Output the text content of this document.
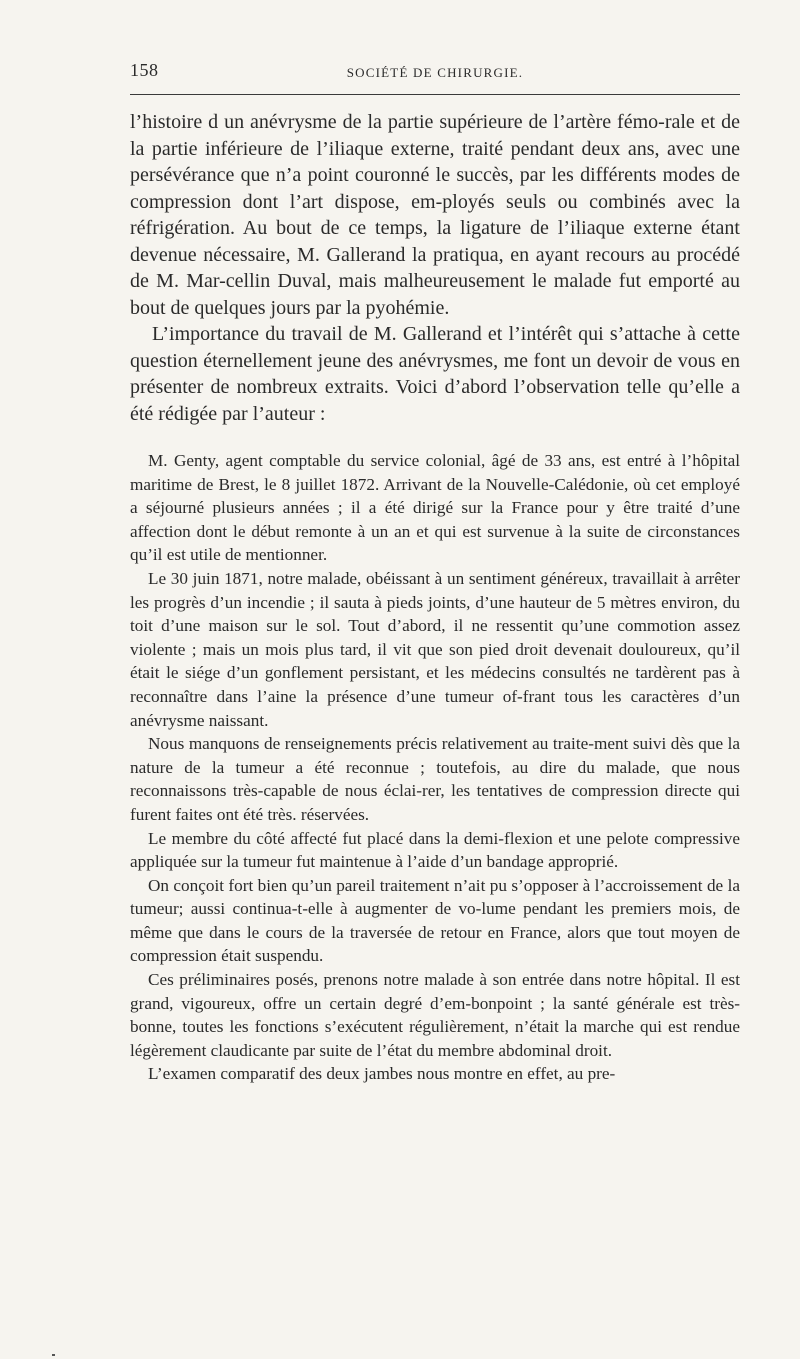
158	SOCIÉTÉ DE CHIRURGIE.

l’histoire d un anévrysme de la partie supérieure de l’artère fémo-rale et de la partie inférieure de l’iliaque externe, traité pendant deux ans, avec une persévérance que n’a point couronné le succès, par les différents modes de compression dont l’art dispose, em-ployés seuls ou combinés avec la réfrigération. Au bout de ce temps, la ligature de l’iliaque externe étant devenue nécessaire, M. Gallerand la pratiqua, en ayant recours au procédé de M. Mar-cellin Duval, mais malheureusement le malade fut emporté au bout de quelques jours par la pyohémie.

L’importance du travail de M. Gallerand et l’intérêt qui s’attache à cette question éternellement jeune des anévrysmes, me font un devoir de vous en présenter de nombreux extraits. Voici d’abord l’observation telle qu’elle a été rédigée par l’auteur :

M. Genty, agent comptable du service colonial, âgé de 33 ans, est entré à l’hôpital maritime de Brest, le 8 juillet 1872. Arrivant de la Nouvelle-Calédonie, où cet employé a séjourné plusieurs années ; il a été dirigé sur la France pour y être traité d’une affection dont le début remonte à un an et qui est survenue à la suite de circonstances qu’il est utile de mentionner.

Le 30 juin 1871, notre malade, obéissant à un sentiment généreux, travaillait à arrêter les progrès d’un incendie ; il sauta à pieds joints, d’une hauteur de 5 mètres environ, du toit d’une maison sur le sol. Tout d’abord, il ne ressentit qu’une commotion assez violente ; mais un mois plus tard, il vit que son pied droit devenait douloureux, qu’il était le siége d’un gonflement persistant, et les médecins consultés ne tardèrent pas à reconnaître dans l’aine la présence d’une tumeur of-frant tous les caractères d’un anévrysme naissant.

Nous manquons de renseignements précis relativement au traite-ment suivi dès que la nature de la tumeur a été reconnue ; toutefois, au dire du malade, que nous reconnaissons très-capable de nous éclai-rer, les tentatives de compression directe qui furent faites ont été très. réservées.

Le membre du côté affecté fut placé dans la demi-flexion et une pelote compressive appliquée sur la tumeur fut maintenue à l’aide d’un bandage approprié.

On conçoit fort bien qu’un pareil traitement n’ait pu s’opposer à l’accroissement de la tumeur; aussi continua-t-elle à augmenter de vo-lume pendant les premiers mois, de même que dans le cours de la traversée de retour en France, alors que tout moyen de compression était suspendu.

Ces préliminaires posés, prenons notre malade à son entrée dans notre hôpital. Il est grand, vigoureux, offre un certain degré d’em-bonpoint ; la santé générale est très-bonne, toutes les fonctions s’exécutent régulièrement, n’était la marche qui est rendue légèrement claudicante par suite de l’état du membre abdominal droit.

L’examen comparatif des deux jambes nous montre en effet, au pre-
